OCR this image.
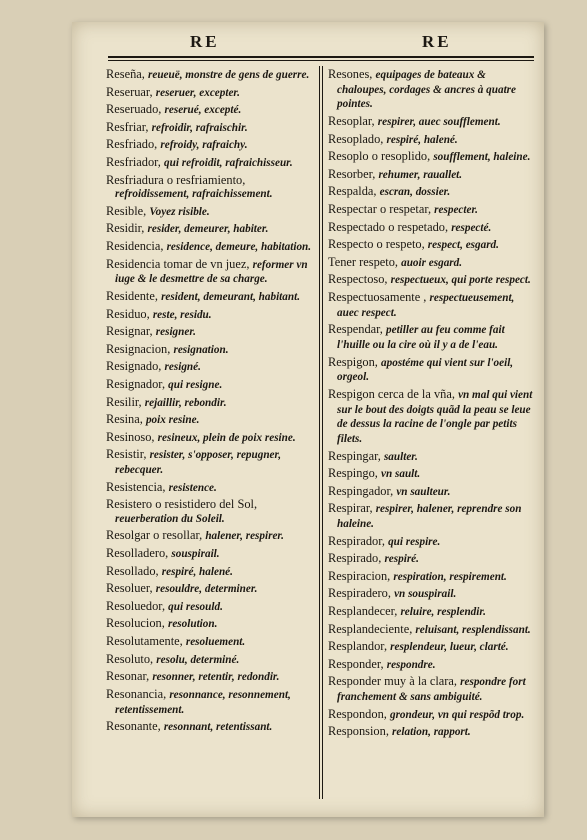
RE	RE
Reseña, reueuë, monstre de gens de guerre.
Reseruar, reseruer, excepter.
Reseruado, reserué, excepté.
Resfriar, refroidir, rafraischir.
Resfriado, refroidy, rafraichy.
Resfriador, qui refroidit, rafraichisseur.
Resfriadura o resfriamiento, refroidissement, rafraichissement.
Resible, Voyez risible.
Residir, resider, demeurer, habiter.
Residencia, residence, demeure, habitation.
Residencia tomar de vn juez, reformer vn iuge & le desmettre de sa charge.
Residente, resident, demeurant, habitant.
Residuo, reste, residu.
Resignar, resigner.
Resignacion, resignation.
Resignado, resigné.
Resignador, qui resigne.
Resilir, rejaillir, rebondir.
Resina, poix resine.
Resinoso, resineux, plein de poix resine.
Resistir, resister, s'opposer, repugner, rebecquer.
Resistencia, resistence.
Resistero o resistidero del Sol, reuerberation du Soleil.
Resolgar o resollar, halener, respirer.
Resolladero, souspirail.
Resollado, respiré, halené.
Resoluer, resouldre, determiner.
Resoluedor, qui resould.
Resolucion, resolution.
Resolutamente, resoluement.
Resoluto, resolu, determiné.
Resonar, resonner, retentir, redondir.
Resonancia, resonnance, resonnement, retentissement.
Resonante, resonnant, retentissant.
Resones, equipages de bateaux & chaloupes, cordages & ancres à quatre pointes.
Resoplar, respirer, auec soufflement.
Resoplado, respiré, halené.
Resoplo o resoplido, soufflement, haleine.
Resorber, rehumer, rauallet.
Respalda, escran, dossier.
Respectar o respetar, respecter.
Respectado o respetado, respecté.
Respecto o respeto, respect, esgard.
Tener respeto, auoir esgard.
Respectoso, respectueux, qui porte respect.
Respectuosamente , respectueusement, auec respect.
Respendar, petiller au feu comme fait l'huille ou la cire où il y a de l'eau.
Respigon, apostéme qui vient sur l'oeil, orgeol.
Respigon cerca de la vña, vn mal qui vient sur le bout des doigts quãd la peau se leue de dessus la racine de l'ongle par petits filets.
Respingar, saulter.
Respingo, vn sault.
Respingador, vn saulteur.
Respirar, respirer, halener, reprendre son haleine.
Respirador, qui respire.
Respirado, respiré.
Respiracion, respiration, respirement.
Respiradero, vn souspirail.
Resplandecer, reluire, resplendir.
Resplandeciente, reluisant, resplendissant.
Resplandor, resplendeur, lueur, clarté.
Responder, respondre.
Responder muy à la clara, respondre fort franchement & sans ambiguité.
Respondon, grondeur, vn qui respõd trop.
Responsion, relation, rapport.
